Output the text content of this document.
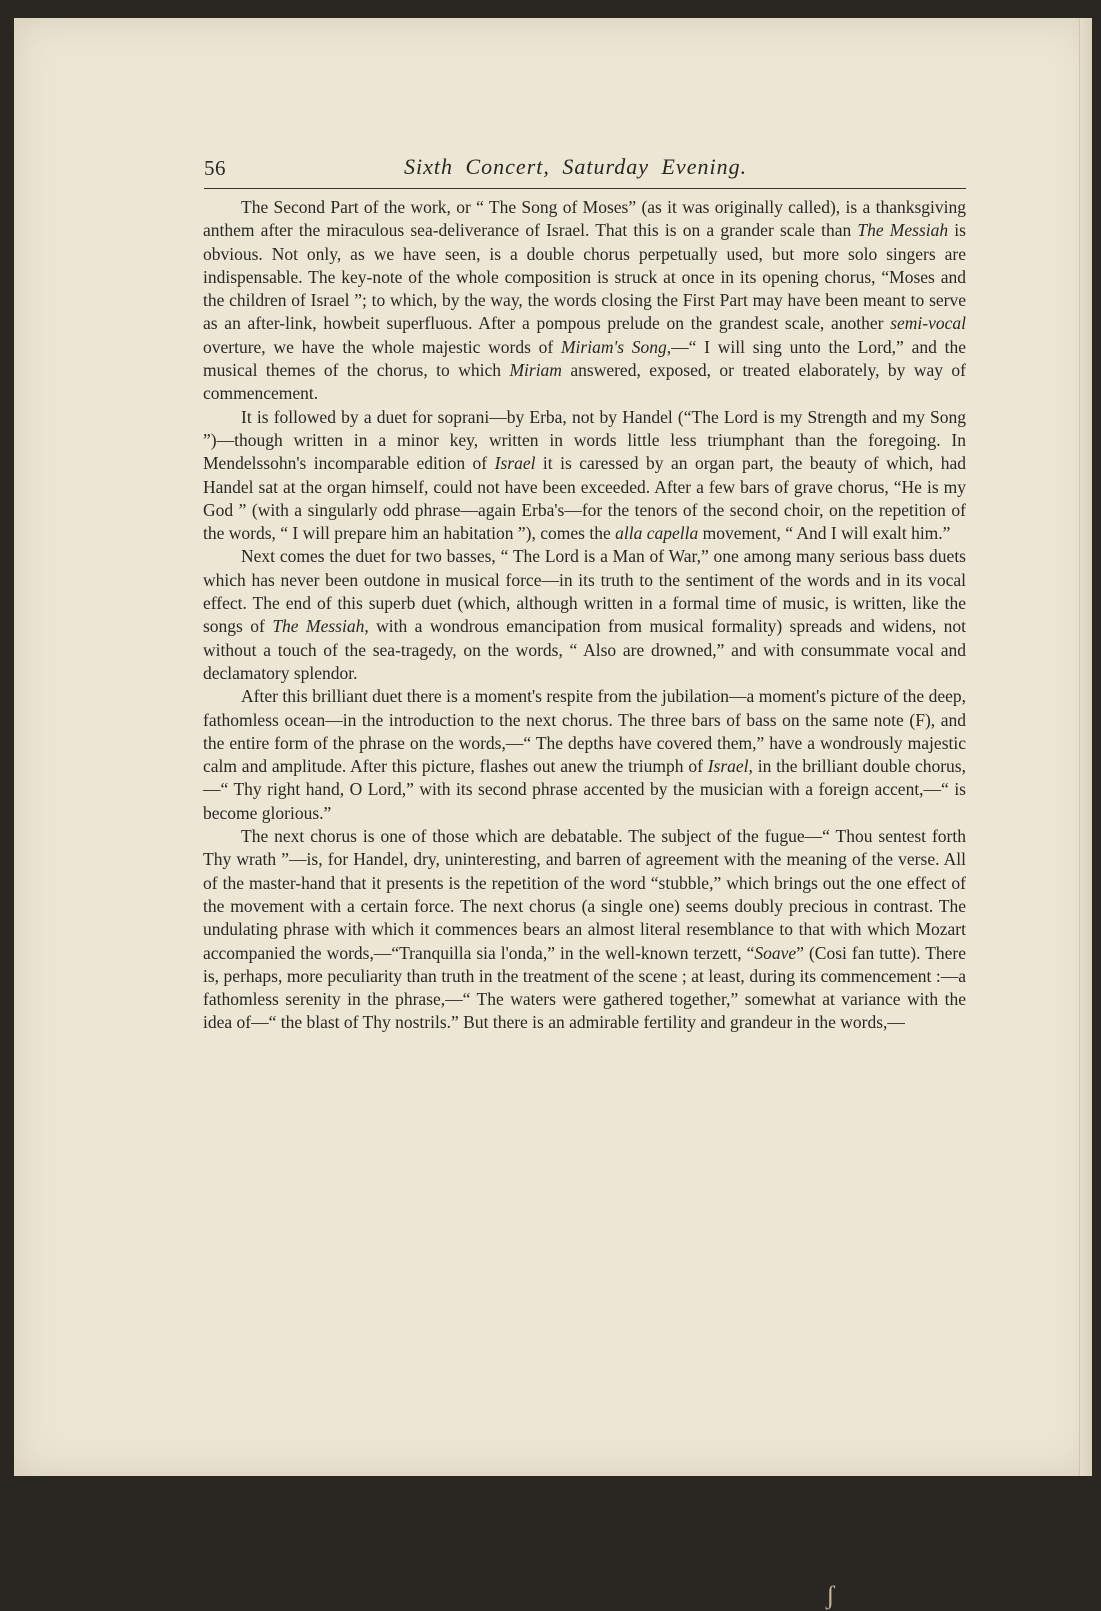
56	Sixth Concert, Saturday Evening.

The Second Part of the work, or “ The Song of Moses” (as it was originally called), is a thanksgiving anthem after the miraculous sea-deliverance of Israel. That this is on a grander scale than The Messiah is obvious. Not only, as we have seen, is a double chorus perpetually used, but more solo singers are indispensable. The key-note of the whole composition is struck at once in its opening chorus, “Moses and the children of Israel ”; to which, by the way, the words closing the First Part may have been meant to serve as an after-link, howbeit superfluous. After a pompous prelude on the grandest scale, another semi-vocal overture, we have the whole majestic words of Miriam's Song,—“ I will sing unto the Lord,” and the musical themes of the chorus, to which Miriam answered, exposed, or treated elaborately, by way of commencement.

It is followed by a duet for soprani—by Erba, not by Handel (“The Lord is my Strength and my Song ”)—though written in a minor key, written in words little less triumphant than the foregoing. In Mendelssohn's incomparable edition of Israel it is caressed by an organ part, the beauty of which, had Handel sat at the organ himself, could not have been exceeded. After a few bars of grave chorus, “He is my God ” (with a singularly odd phrase—again Erba's—for the tenors of the second choir, on the repetition of the words, “ I will prepare him an habitation ”), comes the alla capella movement, “ And I will exalt him.”

Next comes the duet for two basses, “ The Lord is a Man of War,” one among many serious bass duets which has never been outdone in musical force—in its truth to the sentiment of the words and in its vocal effect. The end of this superb duet (which, although written in a formal time of music, is written, like the songs of The Messiah, with a wondrous emancipation from musical formality) spreads and widens, not without a touch of the sea-tragedy, on the words, “ Also are drowned,” and with consummate vocal and declamatory splendor.

After this brilliant duet there is a moment's respite from the jubilation—a moment's picture of the deep, fathomless ocean—in the introduction to the next chorus. The three bars of bass on the same note (F), and the entire form of the phrase on the words,—“ The depths have covered them,” have a wondrously majestic calm and amplitude. After this picture, flashes out anew the triumph of Israel, in the brilliant double chorus,—“ Thy right hand, O Lord,” with its second phrase accented by the musician with a foreign accent,—“ is become glorious.”

The next chorus is one of those which are debatable. The subject of the fugue—“ Thou sentest forth Thy wrath ”—is, for Handel, dry, uninteresting, and barren of agreement with the meaning of the verse. All of the master-hand that it presents is the repetition of the word “stubble,” which brings out the one effect of the movement with a certain force. The next chorus (a single one) seems doubly precious in contrast. The undulating phrase with which it commences bears an almost literal resemblance to that with which Mozart accompanied the words,—“Tranquilla sia l'onda,” in the well-known terzett, “Soave” (Cosi fan tutte). There is, perhaps, more peculiarity than truth in the treatment of the scene ; at least, during its commencement :—a fathomless serenity in the phrase,—“ The waters were gathered together,” somewhat at variance with the idea of—“ the blast of Thy nostrils.” But there is an admirable fertility and grandeur in the words,—

ʃ
